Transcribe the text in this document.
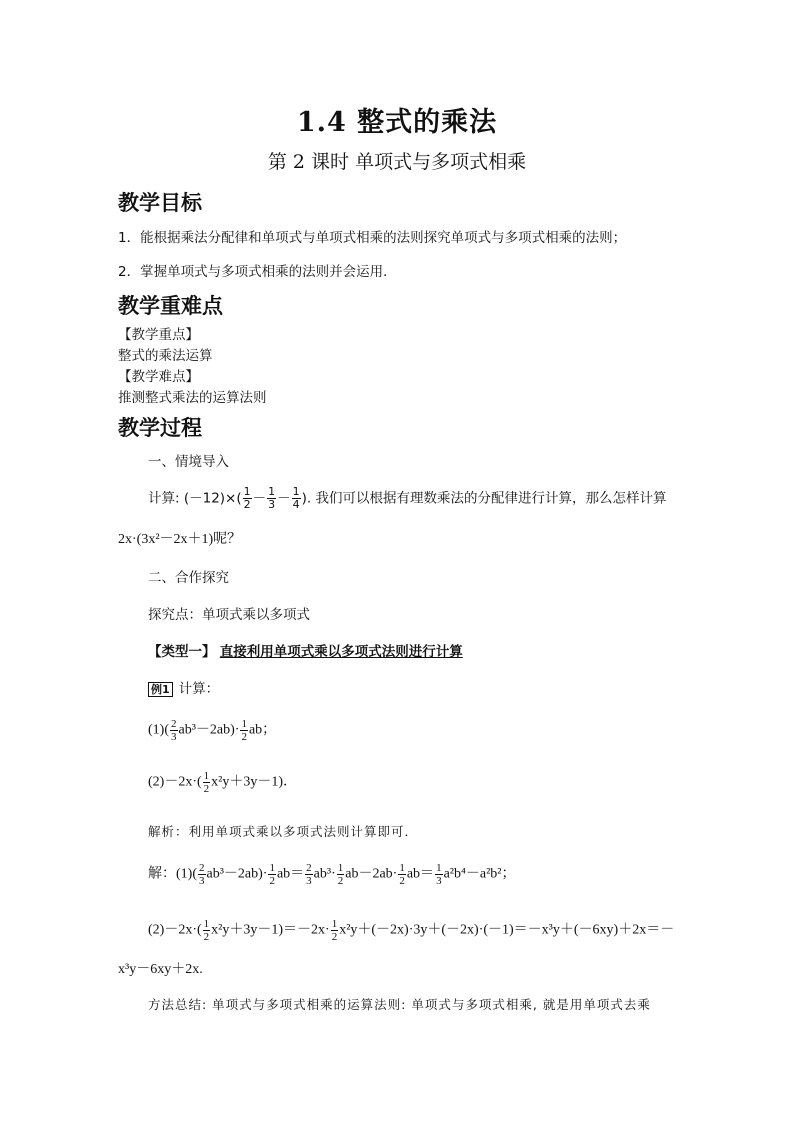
1.4 整式的乘法
第 2 课时 单项式与多项式相乘
教学目标
1．能根据乘法分配律和单项式与单项式相乘的法则探究单项式与多项式相乘的法则；
2．掌握单项式与多项式相乘的法则并会运用．
教学重难点
【教学重点】
整式的乘法运算
【教学难点】
推测整式乘法的运算法则
教学过程
一、情境导入
计算: $(-12)\times( \frac{1}{2} - \frac{1}{3} - \frac{1}{4}$ ). 我们可以根据有理数乘法的分配律进行计算，那么怎样计算
2x·(3x²－2x＋1)呢？
二、合作探究
探究点：单项式乘以多项式
【类型一】 直接利用单项式乘以多项式法则进行计算
例1 计算：
$(1)( \frac{2}{3} ab^3-2ab)\cdot \frac{1}{2}$ ab；
$(2)-2x\cdot( \frac{1}{2} x^2y+3y-1)$．
解析：利用单项式乘以多项式法则计算即可．
解：$(1)( \frac{2}{3} ab^3-2ab)\cdot \frac{1}{2} ab= \frac{2}{3} ab^3\cdot \frac{1}{2} ab-2ab\cdot \frac{1}{2} ab= \frac{1}{3} a^2b^4-a^2b^2$；
$(2)-2x\cdot( \frac{1}{2} x^2y+3y-1)=-2x\cdot \frac{1}{2} x^2y+(-2x)\cdot 3y+(-2x)\cdot(-1)=-x^3y+(-6xy)+2x=-$
x³y－6xy＋2x.
方法总结: 单项式与多项式相乘的运算法则: 单项式与多项式相乘, 就是用单项式去乘
